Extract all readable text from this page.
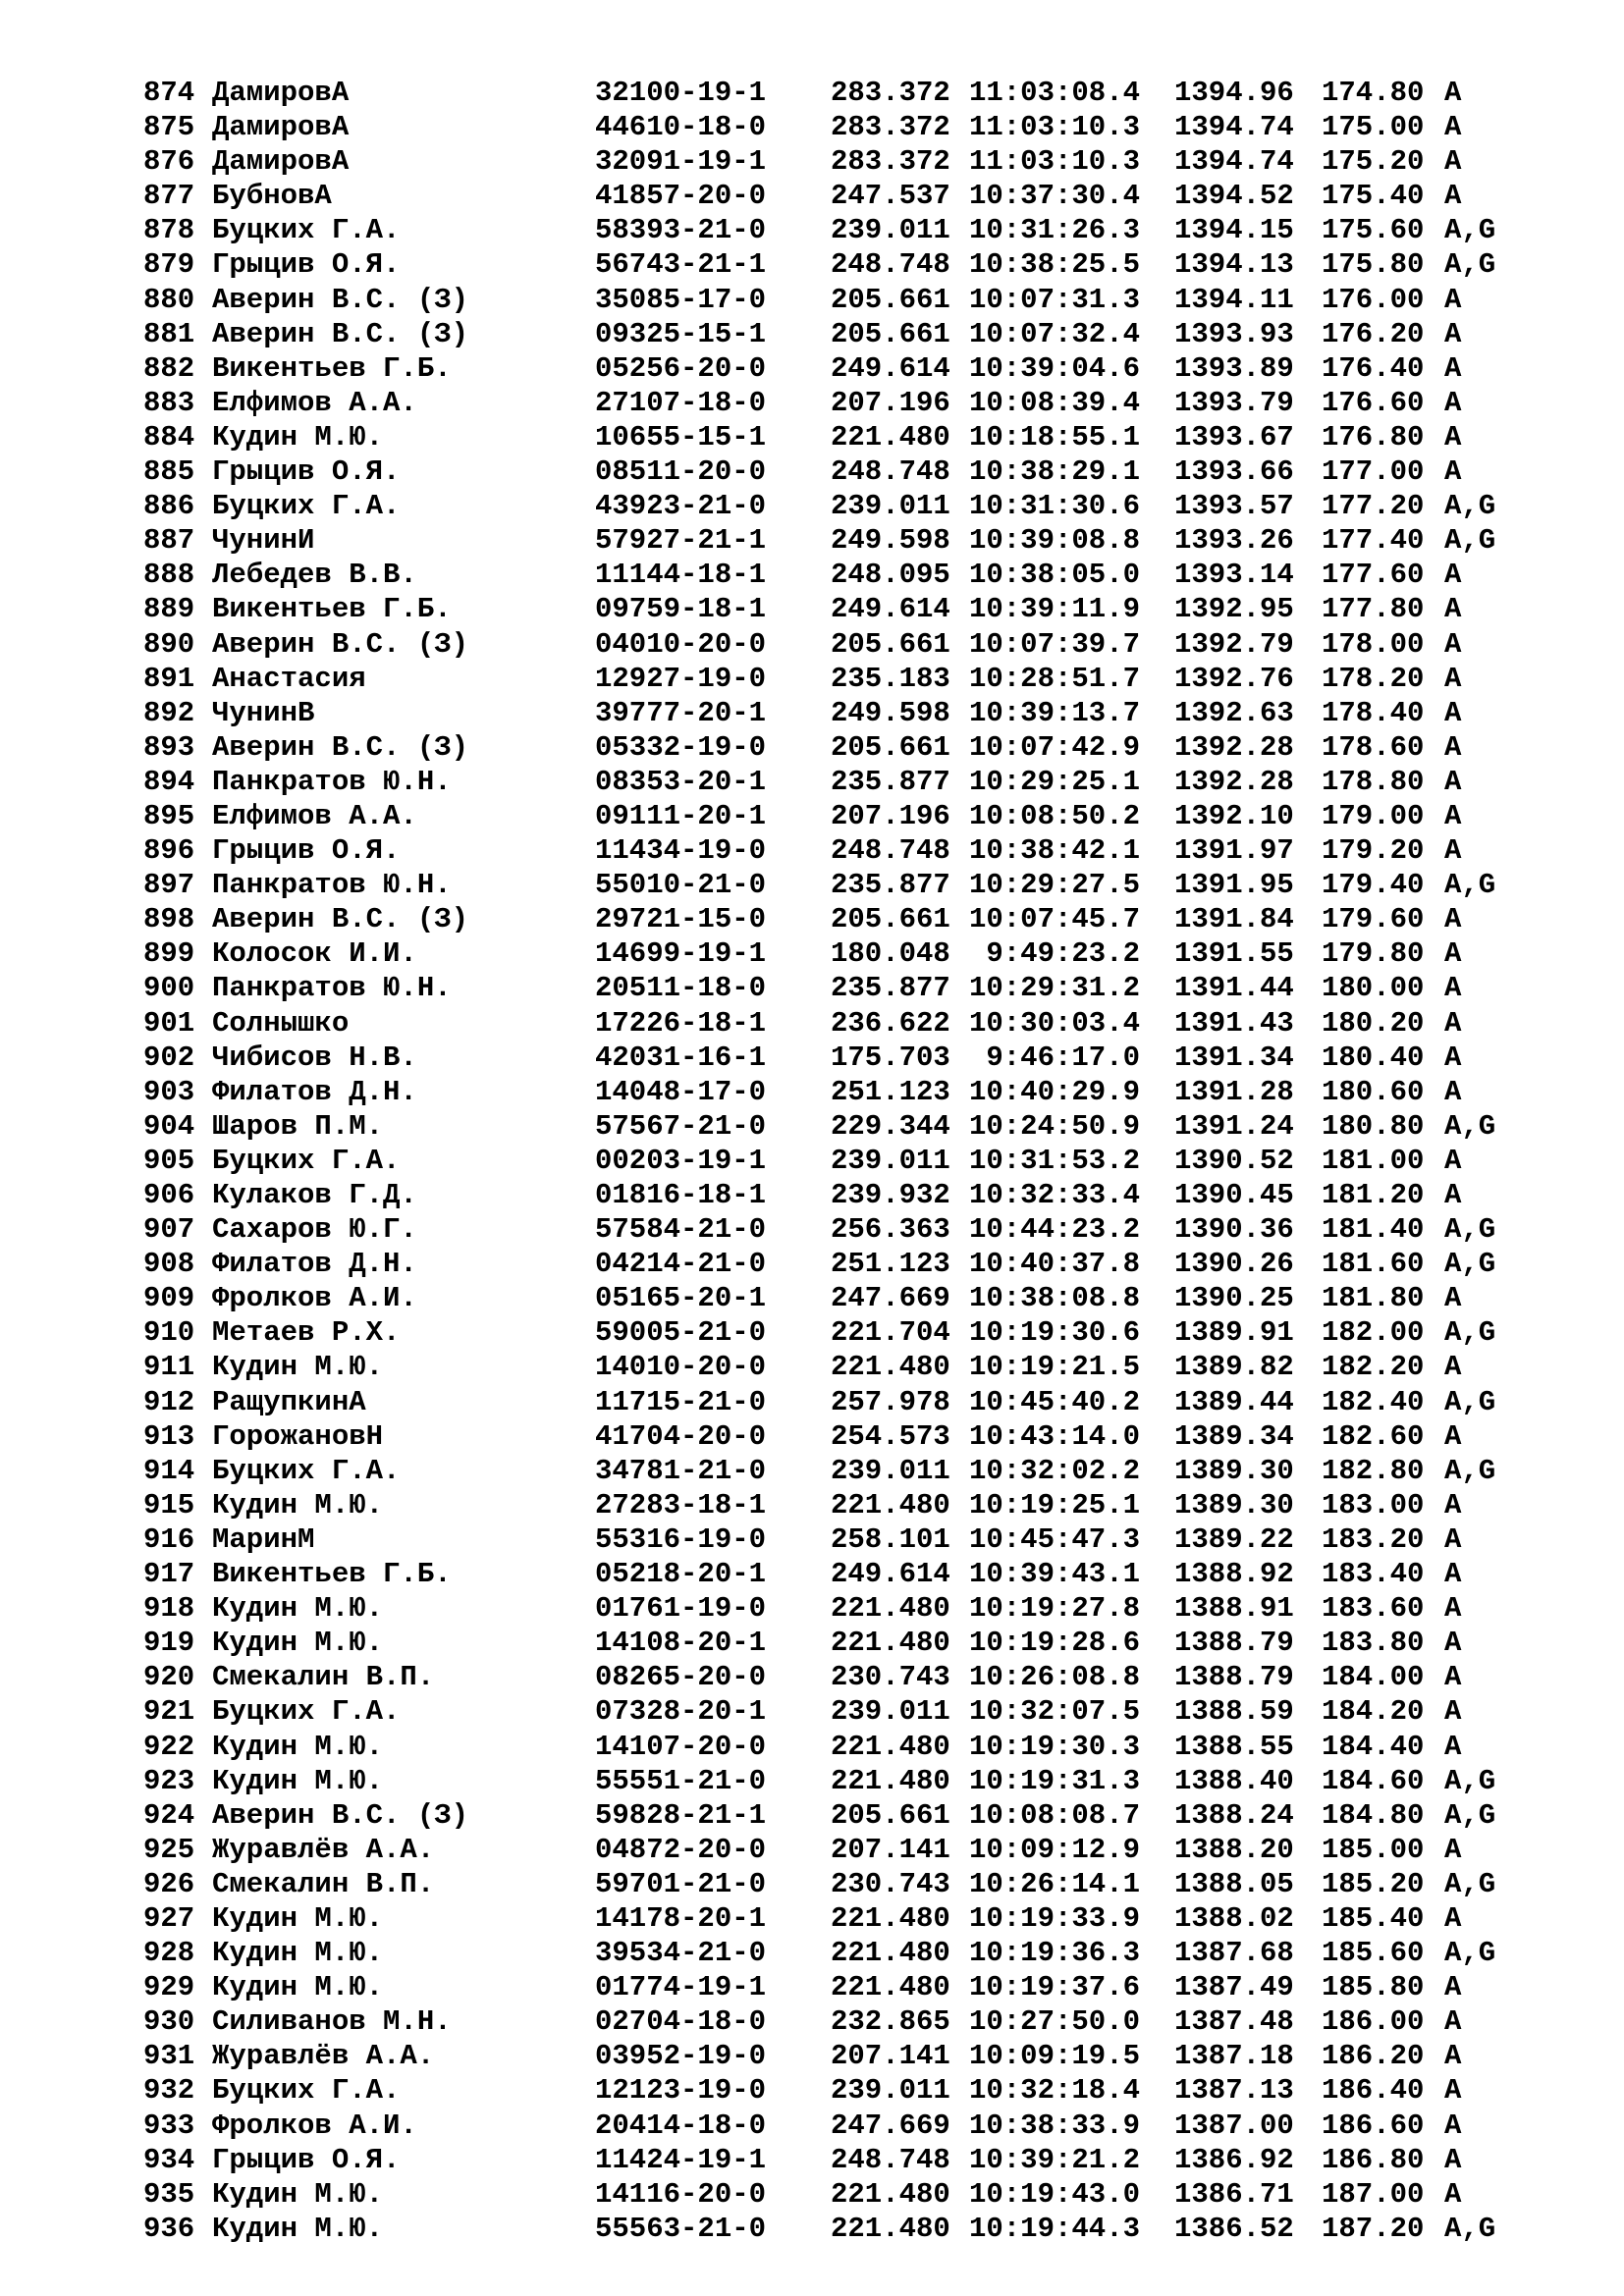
874 ДамировА	32100-19-1 283.372 11:03:08.4 1394.96 174.80 A
875 ДамировА	44610-18-0 283.372 11:03:10.3 1394.74 175.00 A
876 ДамировА	32091-19-1 283.372 11:03:10.3 1394.74 175.20 A
877 БубновА	41857-20-0 247.537 10:37:30.4 1394.52 175.40 A
878 Буцких Г.А.	58393-21-0 239.011 10:31:26.3 1394.15 175.60 A,G
879 Грыцив О.Я.	56743-21-1 248.748 10:38:25.5 1394.13 175.80 A,G
880 Аверин В.С. (З)	35085-17-0 205.661 10:07:31.3 1394.11 176.00 A
881 Аверин В.С. (З)	09325-15-1 205.661 10:07:32.4 1393.93 176.20 A
882 Викентьев Г.Б.	05256-20-0 249.614 10:39:04.6 1393.89 176.40 A
883 Елфимов А.А.	27107-18-0 207.196 10:08:39.4 1393.79 176.60 A
884 Кудин М.Ю.	10655-15-1 221.480 10:18:55.1 1393.67 176.80 A
885 Грыцив О.Я.	08511-20-0 248.748 10:38:29.1 1393.66 177.00 A
886 Буцких Г.А.	43923-21-0 239.011 10:31:30.6 1393.57 177.20 A,G
887 ЧунинИ	57927-21-1 249.598 10:39:08.8 1393.26 177.40 A,G
888 Лебедев В.В.	11144-18-1 248.095 10:38:05.0 1393.14 177.60 A
889 Викентьев Г.Б.	09759-18-1 249.614 10:39:11.9 1392.95 177.80 A
890 Аверин В.С. (З)	04010-20-0 205.661 10:07:39.7 1392.79 178.00 A
891 Анастасия	12927-19-0 235.183 10:28:51.7 1392.76 178.20 A
892 ЧунинВ	39777-20-1 249.598 10:39:13.7 1392.63 178.40 A
893 Аверин В.С. (З)	05332-19-0 205.661 10:07:42.9 1392.28 178.60 A
894 Панкратов Ю.Н.	08353-20-1 235.877 10:29:25.1 1392.28 178.80 A
895 Елфимов А.А.	09111-20-1 207.196 10:08:50.2 1392.10 179.00 A
896 Грыцив О.Я.	11434-19-0 248.748 10:38:42.1 1391.97 179.20 A
897 Панкратов Ю.Н.	55010-21-0 235.877 10:29:27.5 1391.95 179.40 A,G
898 Аверин В.С. (З)	29721-15-0 205.661 10:07:45.7 1391.84 179.60 A
899 Колосок И.И.	14699-19-1 180.048	9:49:23.2 1391.55 179.80 A
900 Панкратов Ю.Н.	20511-18-0 235.877 10:29:31.2 1391.44 180.00 A
901 Солнышко	17226-18-1 236.622 10:30:03.4 1391.43 180.20 A
902 Чибисов Н.В.	42031-16-1 175.703	9:46:17.0 1391.34 180.40 A
903 Филатов Д.Н.	14048-17-0 251.123 10:40:29.9 1391.28 180.60 A
904 Шаров П.М.	57567-21-0 229.344 10:24:50.9 1391.24 180.80 A,G
905 Буцких Г.А.	00203-19-1 239.011 10:31:53.2 1390.52 181.00 A
906 Кулаков Г.Д.	01816-18-1 239.932 10:32:33.4 1390.45 181.20 A
907 Сахаров Ю.Г.	57584-21-0 256.363 10:44:23.2 1390.36 181.40 A,G
908 Филатов Д.Н.	04214-21-0 251.123 10:40:37.8 1390.26 181.60 A,G
909 Фролков А.И.	05165-20-1 247.669 10:38:08.8 1390.25 181.80 A
910 Метаев Р.Х.	59005-21-0 221.704 10:19:30.6 1389.91 182.00 A,G
911 Кудин М.Ю.	14010-20-0 221.480 10:19:21.5 1389.82 182.20 A
912 РащупкинА	11715-21-0 257.978 10:45:40.2 1389.44 182.40 A,G
913 ГорожановН	41704-20-0 254.573 10:43:14.0 1389.34 182.60 A
914 Буцких Г.А.	34781-21-0 239.011 10:32:02.2 1389.30 182.80 A,G
915 Кудин М.Ю.	27283-18-1 221.480 10:19:25.1 1389.30 183.00 A
916 МаринМ	55316-19-0 258.101 10:45:47.3 1389.22 183.20 A
917 Викентьев Г.Б.	05218-20-1 249.614 10:39:43.1 1388.92 183.40 A
918 Кудин М.Ю.	01761-19-0 221.480 10:19:27.8 1388.91 183.60 A
919 Кудин М.Ю.	14108-20-1 221.480 10:19:28.6 1388.79 183.80 A
920 Смекалин В.П.	08265-20-0 230.743 10:26:08.8 1388.79 184.00 A
921 Буцких Г.А.	07328-20-1 239.011 10:32:07.5 1388.59 184.20 A
922 Кудин М.Ю.	14107-20-0 221.480 10:19:30.3 1388.55 184.40 A
923 Кудин М.Ю.	55551-21-0 221.480 10:19:31.3 1388.40 184.60 A,G
924 Аверин В.С. (З)	59828-21-1 205.661 10:08:08.7 1388.24 184.80 A,G
925 Журавлёв А.А.	04872-20-0 207.141 10:09:12.9 1388.20 185.00 A
926 Смекалин В.П.	59701-21-0 230.743 10:26:14.1 1388.05 185.20 A,G
927 Кудин М.Ю.	14178-20-1 221.480 10:19:33.9 1388.02 185.40 A
928 Кудин М.Ю.	39534-21-0 221.480 10:19:36.3 1387.68 185.60 A,G
929 Кудин М.Ю.	01774-19-1 221.480 10:19:37.6 1387.49 185.80 A
930 Силиванов М.Н.	02704-18-0 232.865 10:27:50.0 1387.48 186.00 A
931 Журавлёв А.А.	03952-19-0 207.141 10:09:19.5 1387.18 186.20 A
932 Буцких Г.А.	12123-19-0 239.011 10:32:18.4 1387.13 186.40 A
933 Фролков А.И.	20414-18-0 247.669 10:38:33.9 1387.00 186.60 A
934 Грыцив О.Я.	11424-19-1 248.748 10:39:21.2 1386.92 186.80 A
935 Кудин М.Ю.	14116-20-0 221.480 10:19:43.0 1386.71 187.00 A
936 Кудин М.Ю.	55563-21-0 221.480 10:19:44.3 1386.52 187.20 A,G
